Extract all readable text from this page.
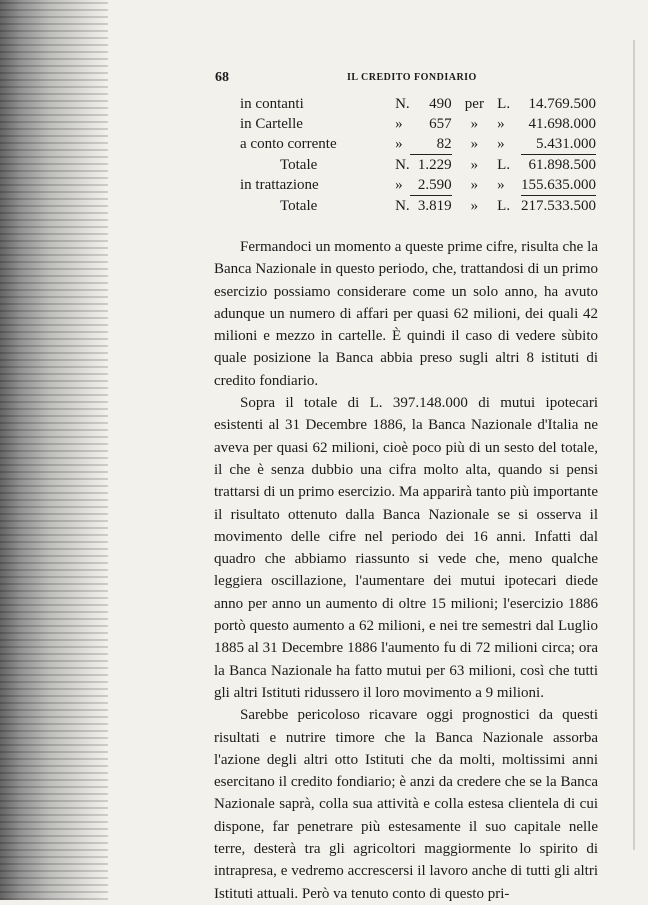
68	IL CREDITO FONDIARIO
in contanti	N.	490	per	L.	14.769.500
in Cartelle	»	657	»	»	41.698.000
a conto corrente	»	82	»	»	5.431.000
Totale	N.	1.229	»	L.	61.898.500
in trattazione	»	2.590	»	»	155.635.000
Totale	N.	3.819	»	L.	217.533.500

Fermandoci un momento a queste prime cifre, risulta che la Banca Nazionale in questo periodo, che, trattandosi di un primo esercizio possiamo considerare come un solo anno, ha avuto adunque un numero di affari per quasi 62 milioni, dei quali 42 milioni e mezzo in cartelle. È quindi il caso di vedere sùbito quale posizione la Banca abbia preso sugli altri 8 istituti di credito fondiario.

Sopra il totale di L. 397.148.000 di mutui ipotecari esistenti al 31 Decembre 1886, la Banca Nazionale d'Italia ne aveva per quasi 62 milioni, cioè poco più di un sesto del totale, il che è senza dubbio una cifra molto alta, quando si pensi trattarsi di un primo esercizio. Ma apparirà tanto più importante il risultato ottenuto dalla Banca Nazionale se si osserva il movimento delle cifre nel periodo dei 16 anni. Infatti dal quadro che abbiamo riassunto si vede che, meno qualche leggiera oscillazione, l'aumentare dei mutui ipotecari diede anno per anno un aumento di oltre 15 milioni; l'esercizio 1886 portò questo aumento a 62 milioni, e nei tre semestri dal Luglio 1885 al 31 Decembre 1886 l'aumento fu di 72 milioni circa; ora la Banca Nazionale ha fatto mutui per 63 milioni, così che tutti gli altri Istituti ridussero il loro movimento a 9 milioni.

Sarebbe pericoloso ricavare oggi prognostici da questi risultati e nutrire timore che la Banca Nazionale assorba l'azione degli altri otto Istituti che da molti, moltissimi anni esercitano il credito fondiario; è anzi da credere che se la Banca Nazionale saprà, colla sua attività e colla estesa clientela di cui dispone, far penetrare più estesamente il suo capitale nelle terre, desterà tra gli agricoltori maggiormente lo spirito di intrapresa, e vedremo accrescersi il lavoro anche di tutti gli altri Istituti attuali. Però va tenuto conto di questo pri-
